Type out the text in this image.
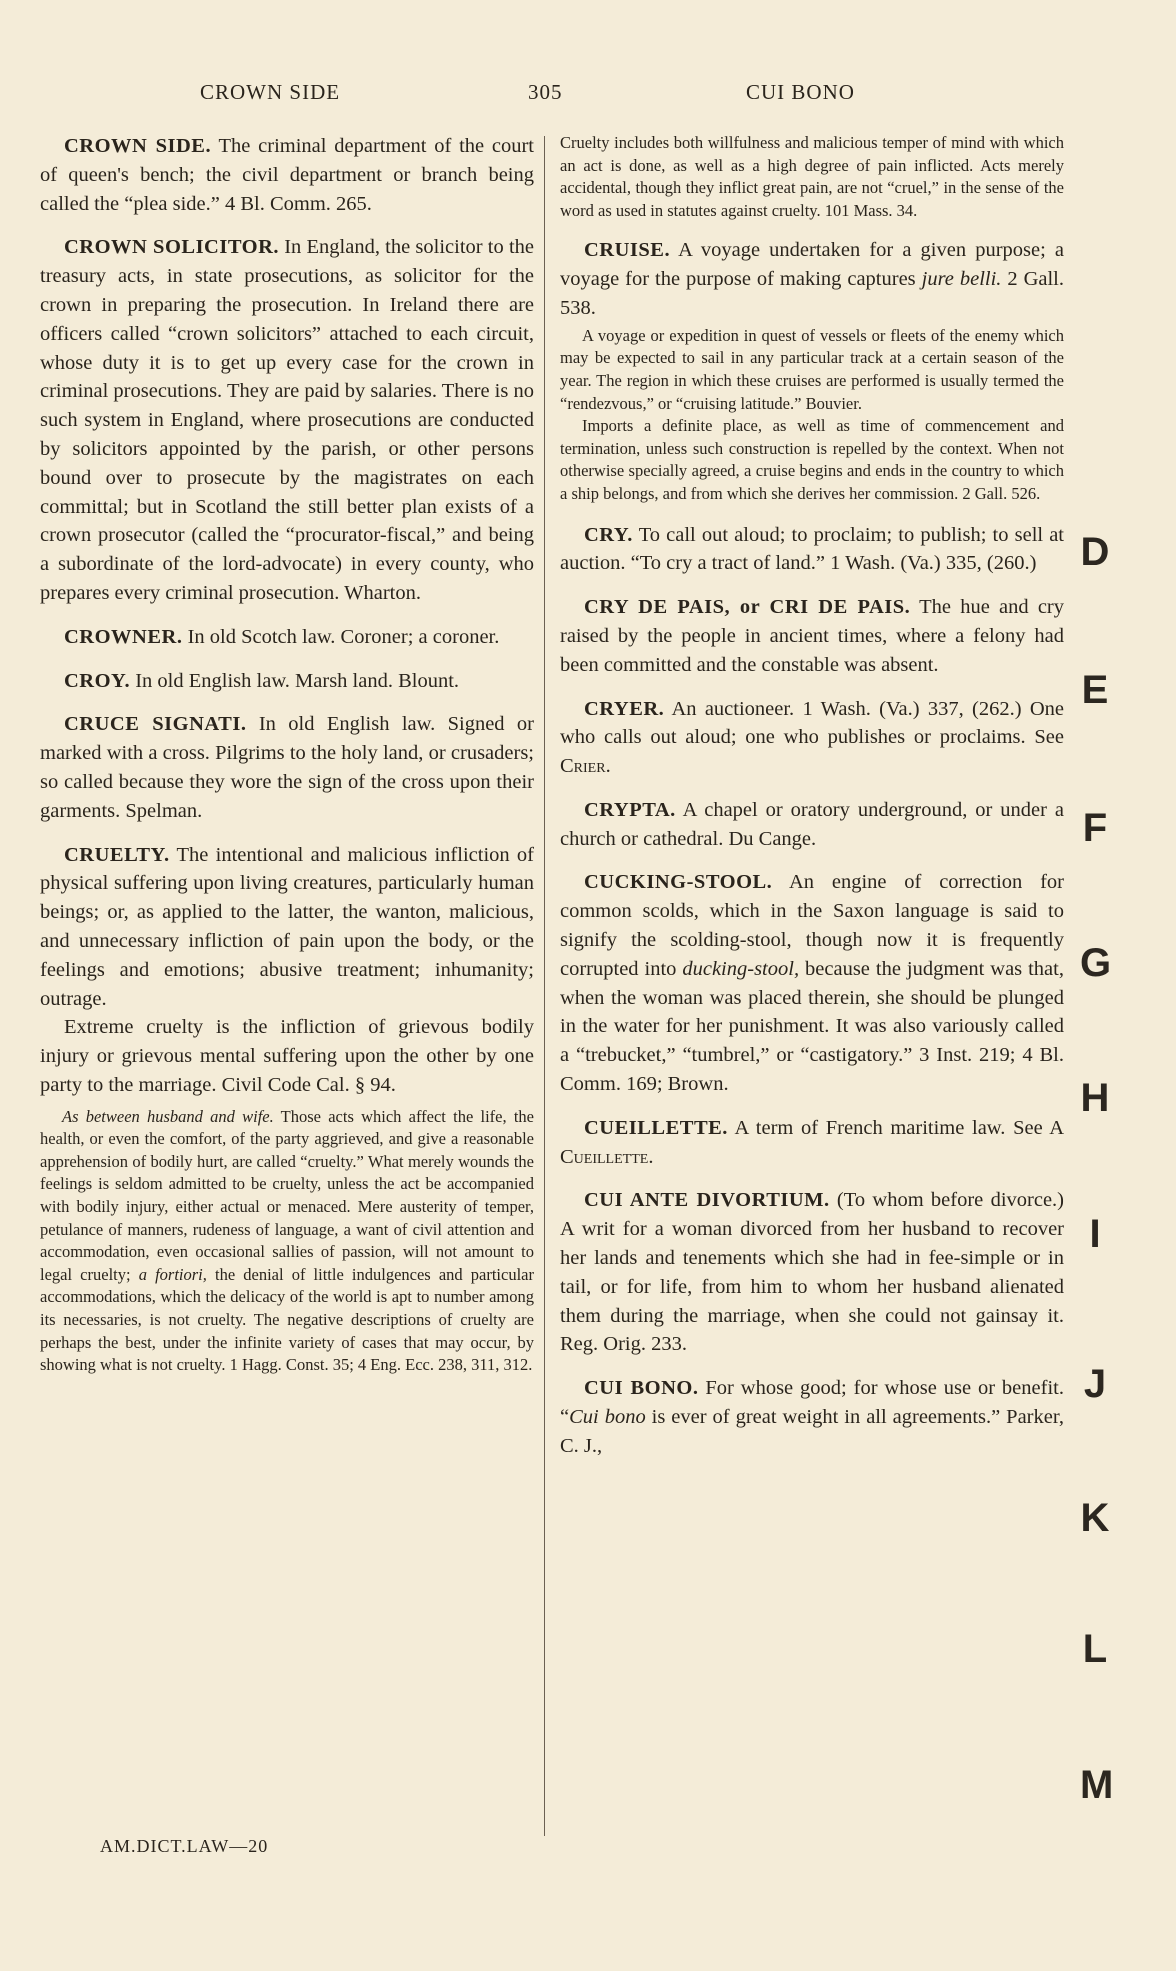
CROWN SIDE	305	CUI BONO

CROWN SIDE. The criminal department of the court of queen's bench; the civil department or branch being called the “plea side.” 4 Bl. Comm. 265.

CROWN SOLICITOR. In England, the solicitor to the treasury acts, in state prosecutions, as solicitor for the crown in preparing the prosecution. In Ireland there are officers called “crown solicitors” attached to each circuit, whose duty it is to get up every case for the crown in criminal prosecutions. They are paid by salaries. There is no such system in England, where prosecutions are conducted by solicitors appointed by the parish, or other persons bound over to prosecute by the magistrates on each committal; but in Scotland the still better plan exists of a crown prosecutor (called the “procurator-fiscal,” and being a subordinate of the lord-advocate) in every county, who prepares every criminal prosecution. Wharton.

CROWNER. In old Scotch law. Coroner; a coroner.

CROY. In old English law. Marsh land. Blount.

CRUCE SIGNATI. In old English law. Signed or marked with a cross. Pilgrims to the holy land, or crusaders; so called because they wore the sign of the cross upon their garments. Spelman.

CRUELTY. The intentional and malicious infliction of physical suffering upon living creatures, particularly human beings; or, as applied to the latter, the wanton, malicious, and unnecessary infliction of pain upon the body, or the feelings and emotions; abusive treatment; inhumanity; outrage.

Extreme cruelty is the infliction of grievous bodily injury or grievous mental suffering upon the other by one party to the marriage. Civil Code Cal. § 94.

As between husband and wife. Those acts which affect the life, the health, or even the comfort, of the party aggrieved, and give a reasonable apprehension of bodily hurt, are called “cruelty.” What merely wounds the feelings is seldom admitted to be cruelty, unless the act be accompanied with bodily injury, either actual or menaced. Mere austerity of temper, petulance of manners, rudeness of language, a want of civil attention and accommodation, even occasional sallies of passion, will not amount to legal cruelty; a fortiori, the denial of little indulgences and particular accommodations, which the delicacy of the world is apt to number among its necessaries, is not cruelty. The negative descriptions of cruelty are perhaps the best, under the infinite variety of cases that may occur, by showing what is not cruelty. 1 Hagg. Const. 35; 4 Eng. Ecc. 238, 311, 312.

Cruelty includes both willfulness and malicious temper of mind with which an act is done, as well as a high degree of pain inflicted. Acts merely accidental, though they inflict great pain, are not “cruel,” in the sense of the word as used in statutes against cruelty. 101 Mass. 34.

CRUISE. A voyage undertaken for a given purpose; a voyage for the purpose of making captures jure belli. 2 Gall. 538.

A voyage or expedition in quest of vessels or fleets of the enemy which may be expected to sail in any particular track at a certain season of the year. The region in which these cruises are performed is usually termed the “rendezvous,” or “cruising latitude.” Bouvier.

Imports a definite place, as well as time of commencement and termination, unless such construction is repelled by the context. When not otherwise specially agreed, a cruise begins and ends in the country to which a ship belongs, and from which she derives her commission. 2 Gall. 526.

CRY. To call out aloud; to proclaim; to publish; to sell at auction. “To cry a tract of land.” 1 Wash. (Va.) 335, (260.)

CRY DE PAIS, or CRI DE PAIS. The hue and cry raised by the people in ancient times, where a felony had been committed and the constable was absent.

CRYER. An auctioneer. 1 Wash. (Va.) 337, (262.) One who calls out aloud; one who publishes or proclaims. See Crier.

CRYPTA. A chapel or oratory underground, or under a church or cathedral. Du Cange.

CUCKING-STOOL. An engine of correction for common scolds, which in the Saxon language is said to signify the scolding-stool, though now it is frequently corrupted into ducking-stool, because the judgment was that, when the woman was placed therein, she should be plunged in the water for her punishment. It was also variously called a “trebucket,” “tumbrel,” or “castigatory.” 3 Inst. 219; 4 Bl. Comm. 169; Brown.

CUEILLETTE. A term of French maritime law. See A Cueillette.

CUI ANTE DIVORTIUM. (To whom before divorce.) A writ for a woman divorced from her husband to recover her lands and tenements which she had in fee-simple or in tail, or for life, from him to whom her husband alienated them during the marriage, when she could not gainsay it. Reg. Orig. 233.

CUI BONO. For whose good; for whose use or benefit. “Cui bono is ever of great weight in all agreements.” Parker, C. J.,

AM.DICT.LAW—20
D
E
F
G
H
I
J
K
L
M
